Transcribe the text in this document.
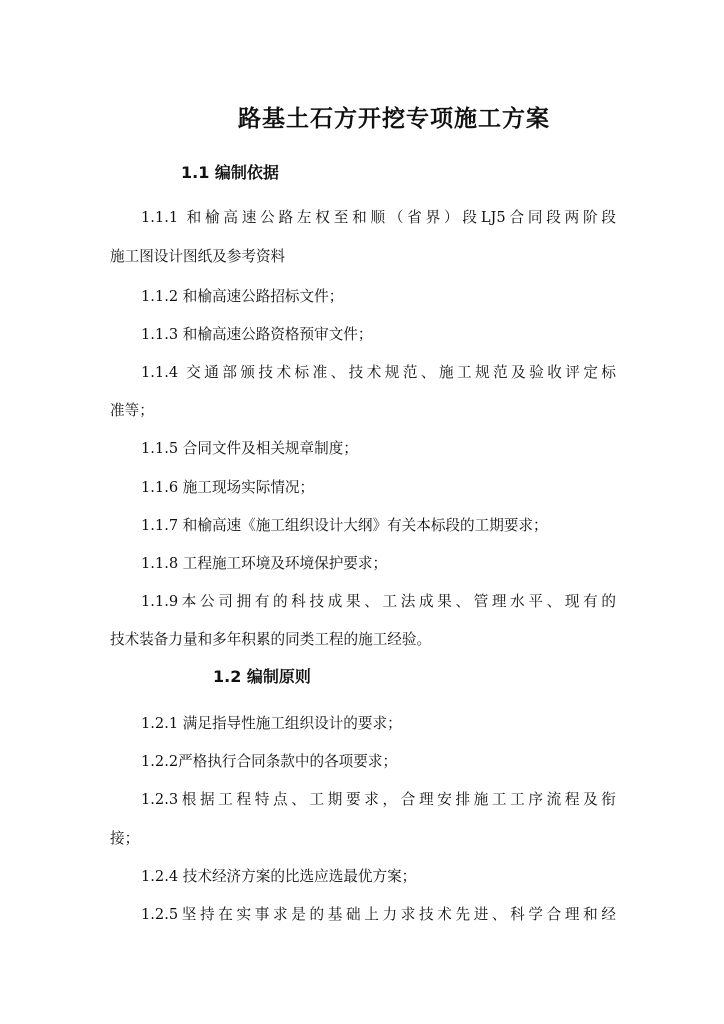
路基土石方开挖专项施工方案
1.1 编制依据
1.1.1 和榆高速公路左权至和顺（省界）段LJ5合同段两阶段
施工图设计图纸及参考资料
1.1.2 和榆高速公路招标文件；
1.1.3 和榆高速公路资格预审文件；
1.1.4 交通部颁技术标准、技术规范、施工规范及验收评定标
准等；
1.1.5 合同文件及相关规章制度；
1.1.6 施工现场实际情况；
1.1.7 和榆高速《施工组织设计大纲》有关本标段的工期要求；
1.1.8 工程施工环境及环境保护要求；
1.1.9本公司拥有的科技成果、工法成果、管理水平、现有的
技术装备力量和多年积累的同类工程的施工经验。
1.2 编制原则
1.2.1 满足指导性施工组织设计的要求；
1.2.2严格执行合同条款中的各项要求；
1.2.3根据工程特点、工期要求，合理安排施工工序流程及衔
接；
1.2.4 技术经济方案的比选应选最优方案；
1.2.5坚持在实事求是的基础上力求技术先进、科学合理和经
